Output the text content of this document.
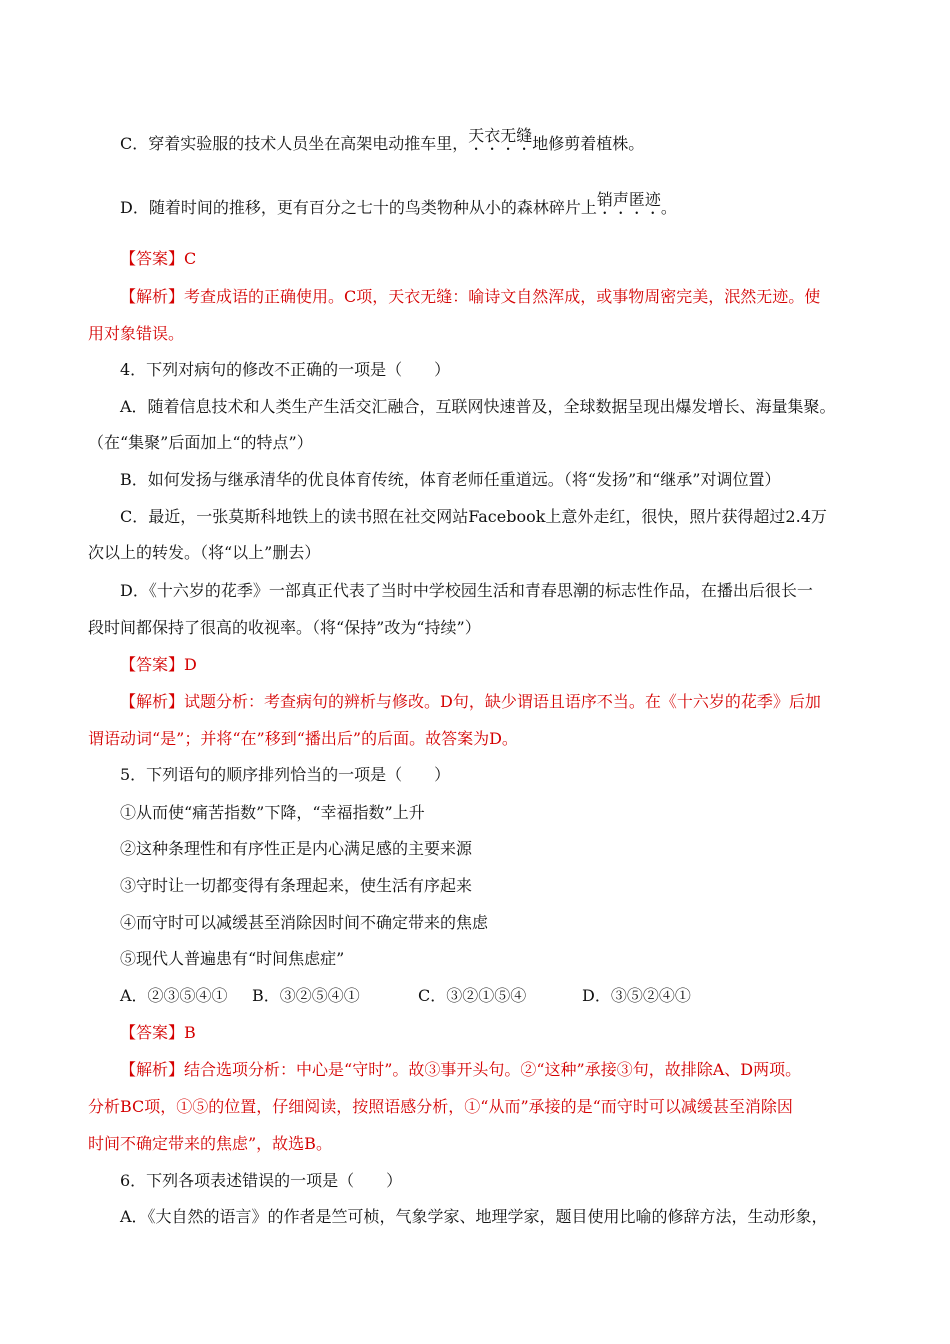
C．穿着实验服的技术人员坐在高架电动推车里，天衣无缝地修剪着植株。
D．随着时间的推移，更有百分之七十的鸟类物种从小的森林碎片上销声匿迹。
【答案】C
【解析】考查成语的正确使用。C项，天衣无缝：喻诗文自然浑成，或事物周密完美，泯然无迹。使
用对象错误。
4．下列对病句的修改不正确的一项是（　　）
A．随着信息技术和人类生产生活交汇融合，互联网快速普及，全球数据呈现出爆发增长、海量集聚。
（在“集聚”后面加上“的特点”）
B．如何发扬与继承清华的优良体育传统，体育老师任重道远。（将“发扬”和“继承”对调位置）
C．最近，一张莫斯科地铁上的读书照在社交网站Facebook上意外走红，很快，照片获得超过2.4万
次以上的转发。（将“以上”删去）
D．《十六岁的花季》一部真正代表了当时中学校园生活和青春思潮的标志性作品，在播出后很长一
段时间都保持了很高的收视率。（将“保持”改为“持续”）
【答案】D
【解析】试题分析：考查病句的辨析与修改。D句，缺少谓语且语序不当。在《十六岁的花季》后加
谓语动词“是”；并将“在”移到“播出后”的后面。故答案为D。
5．下列语句的顺序排列恰当的一项是（　　）
①从而使“痛苦指数”下降，“幸福指数”上升
②这种条理性和有序性正是内心满足感的主要来源
③守时让一切都变得有条理起来，使生活有序起来
④而守时可以减缓甚至消除因时间不确定带来的焦虑
⑤现代人普遍患有“时间焦虑症”
A．②③⑤④① B．③②⑤④①	C．③②①⑤④	D．③⑤②④①
【答案】B
【解析】结合选项分析：中心是“守时”。故③事开头句。②“这种”承接③句，故排除A、D两项。
分析BC项，①⑤的位置，仔细阅读，按照语感分析，①“从而”承接的是“而守时可以减缓甚至消除因
时间不确定带来的焦虑”，故选B。
6．下列各项表述错误的一项是（　　）
A．《大自然的语言》的作者是竺可桢，气象学家、地理学家，题目使用比喻的修辞方法，生动形象，
